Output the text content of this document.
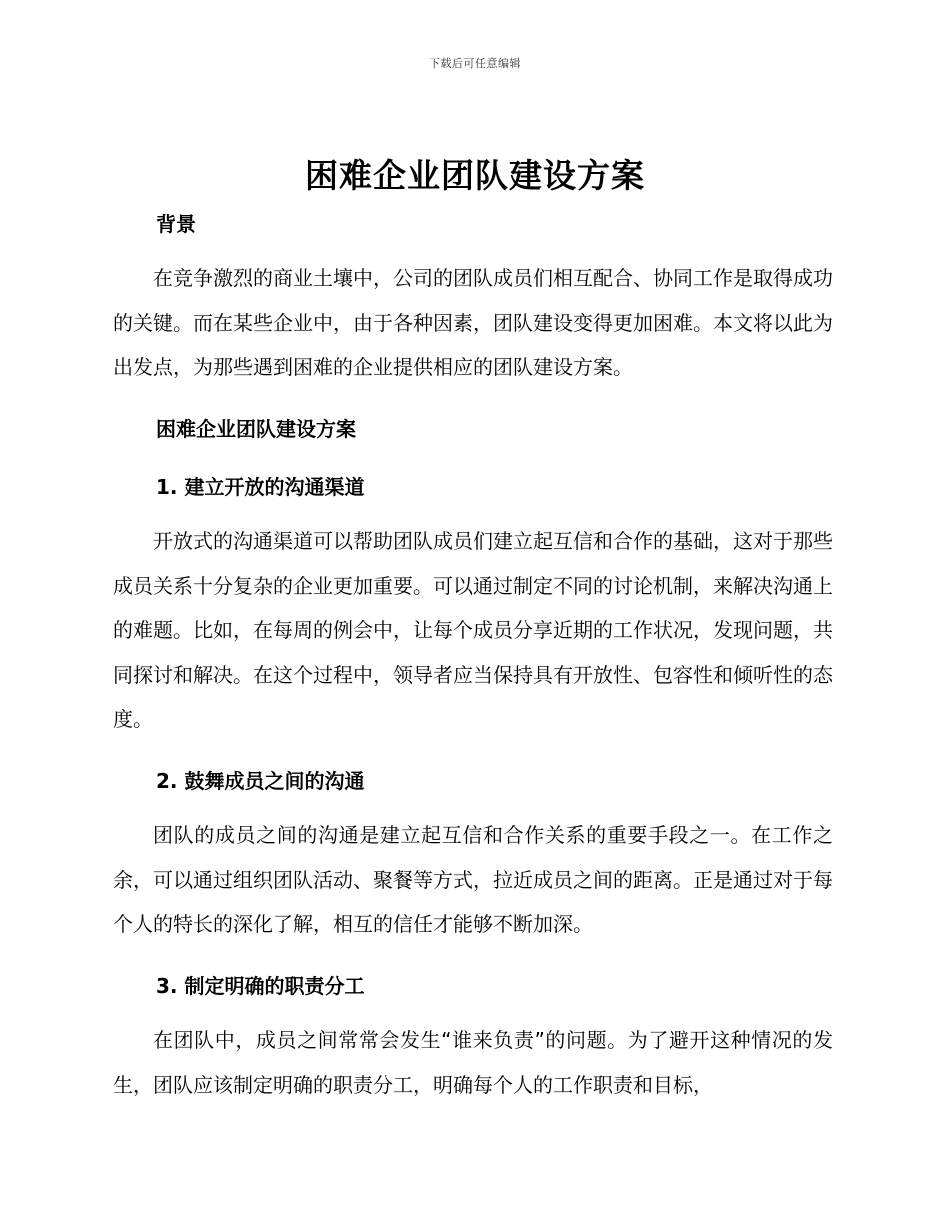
下载后可任意编辑
困难企业团队建设方案
背景

在竞争激烈的商业土壤中，公司的团队成员们相互配合、协同工作是取得成功的关键。而在某些企业中，由于各种因素，团队建设变得更加困难。本文将以此为出发点，为那些遇到困难的企业提供相应的团队建设方案。

困难企业团队建设方案
1. 建立开放的沟通渠道

开放式的沟通渠道可以帮助团队成员们建立起互信和合作的基础，这对于那些成员关系十分复杂的企业更加重要。可以通过制定不同的讨论机制，来解决沟通上的难题。比如，在每周的例会中，让每个成员分享近期的工作状况，发现问题，共同探讨和解决。在这个过程中，领导者应当保持具有开放性、包容性和倾听性的态度。

2. 鼓舞成员之间的沟通

团队的成员之间的沟通是建立起互信和合作关系的重要手段之一。在工作之余，可以通过组织团队活动、聚餐等方式，拉近成员之间的距离。正是通过对于每个人的特长的深化了解，相互的信任才能够不断加深。

3. 制定明确的职责分工

在团队中，成员之间常常会发生“谁来负责”的问题。为了避开这种情况的发生，团队应该制定明确的职责分工，明确每个人的工作职责和目标，
